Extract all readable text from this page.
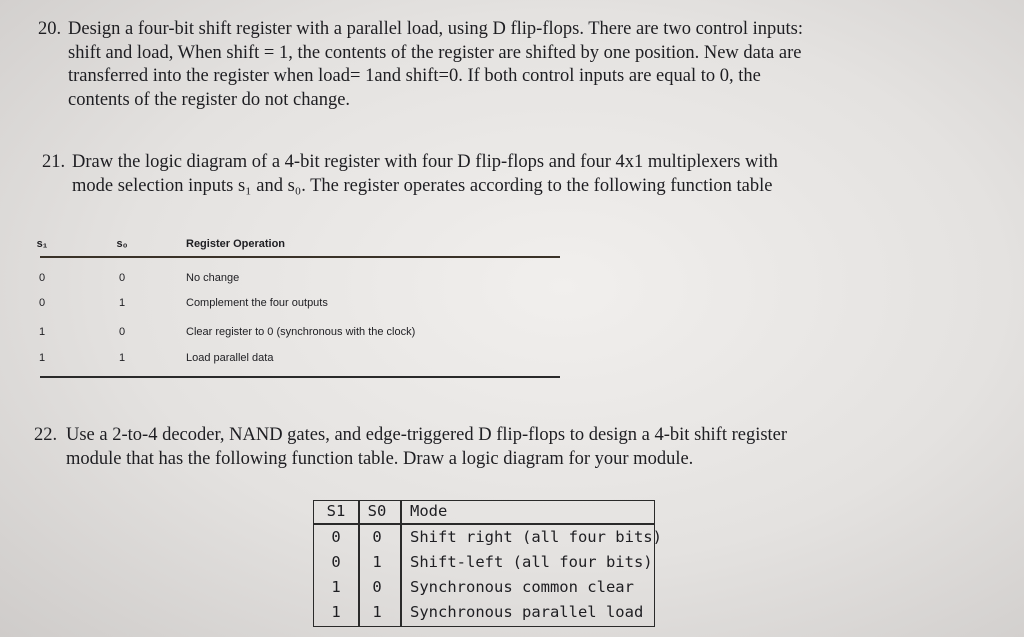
20. Design a four-bit shift register with a parallel load, using D flip-flops. There are two control inputs:
shift and load, When shift = 1, the contents of the register are shifted by one position. New data are
transferred into the register when load= 1and shift=0. If both control inputs are equal to 0, the
contents of the register do not change.
21. Draw the logic diagram of a 4-bit register with four D flip-flops and four 4x1 multiplexers with
mode selection inputs s₁ and s₀. The register operates according to the following function table
s₁	s₀	Register Operation
0	0	No change
0	1	Complement the four outputs
1	0	Clear register to 0 (synchronous with the clock)
1	1	Load parallel data
22. Use a 2-to-4 decoder, NAND gates, and edge-triggered D flip-flops to design a 4-bit shift register
module that has the following function table. Draw a logic diagram for your module.
S1	S0	Mode
0	0	Shift right (all four bits)
0	1	Shift-left (all four bits)
1	0	Synchronous common clear
1	1	Synchronous parallel load
